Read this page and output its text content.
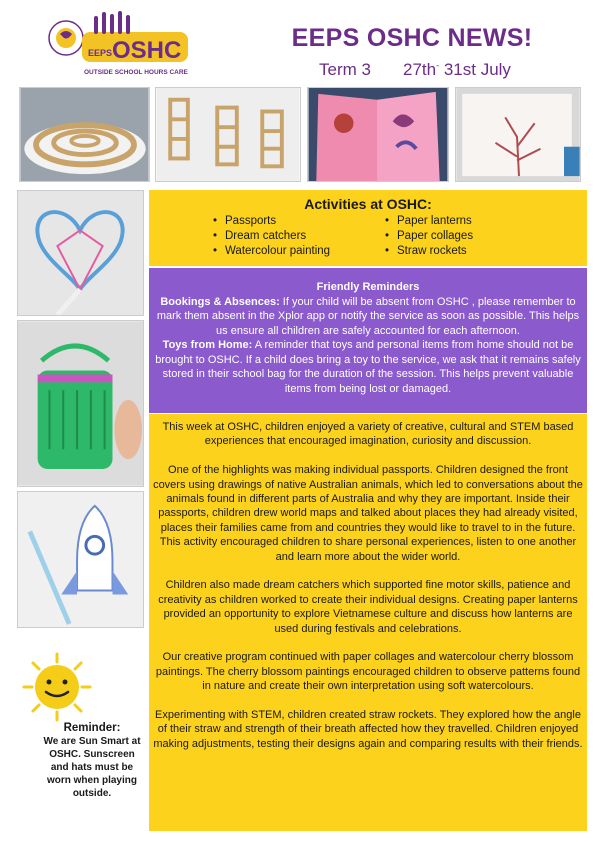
EEPS OSHC
OUTSIDE SCHOOL HOURS CARE
EEPS OSHC NEWS!
Term 3 27th- 31st July
Activities at OSHC:
• Passports
• Dream catchers
• Watercolour painting
• Paper lanterns
• Paper collages
• Straw rockets
Friendly Reminders
Bookings & Absences: If your child will be absent from OSHC , please remember to mark them absent in the Xplor app or notify the service as soon as possible. This helps us ensure all children are safely accounted for each afternoon.
Toys from Home: A reminder that toys and personal items from home should not be brought to OSHC. If a child does bring a toy to the service, we ask that it remains safely stored in their school bag for the duration of the session. This helps prevent valuable items from being lost or damaged.

This week at OSHC, children enjoyed a variety of creative, cultural and STEM based experiences that encouraged imagination, curiosity and discussion.

One of the highlights was making individual passports. Children designed the front covers using drawings of native Australian animals, which led to conversations about the animals found in different parts of Australia and why they are important. Inside their passports, children drew world maps and talked about places they had already visited, places their families came from and countries they would like to travel to in the future. This activity encouraged children to share personal experiences, listen to one another and learn more about the wider world.

Children also made dream catchers which supported fine motor skills, patience and creativity as children worked to create their individual designs. Creating paper lanterns provided an opportunity to explore Vietnamese culture and discuss how lanterns are used during festivals and celebrations.

Our creative program continued with paper collages and watercolour cherry blossom paintings. The cherry blossom paintings encouraged children to observe patterns found in nature and create their own interpretation using soft watercolours.

Experimenting with STEM, children created straw rockets. They explored how the angle of their straw and strength of their breath affected how they travelled. Children enjoyed making adjustments, testing their designs again and comparing results with their friends.

Reminder:
We are Sun Smart at OSHC. Sunscreen and hats must be worn when playing outside.
